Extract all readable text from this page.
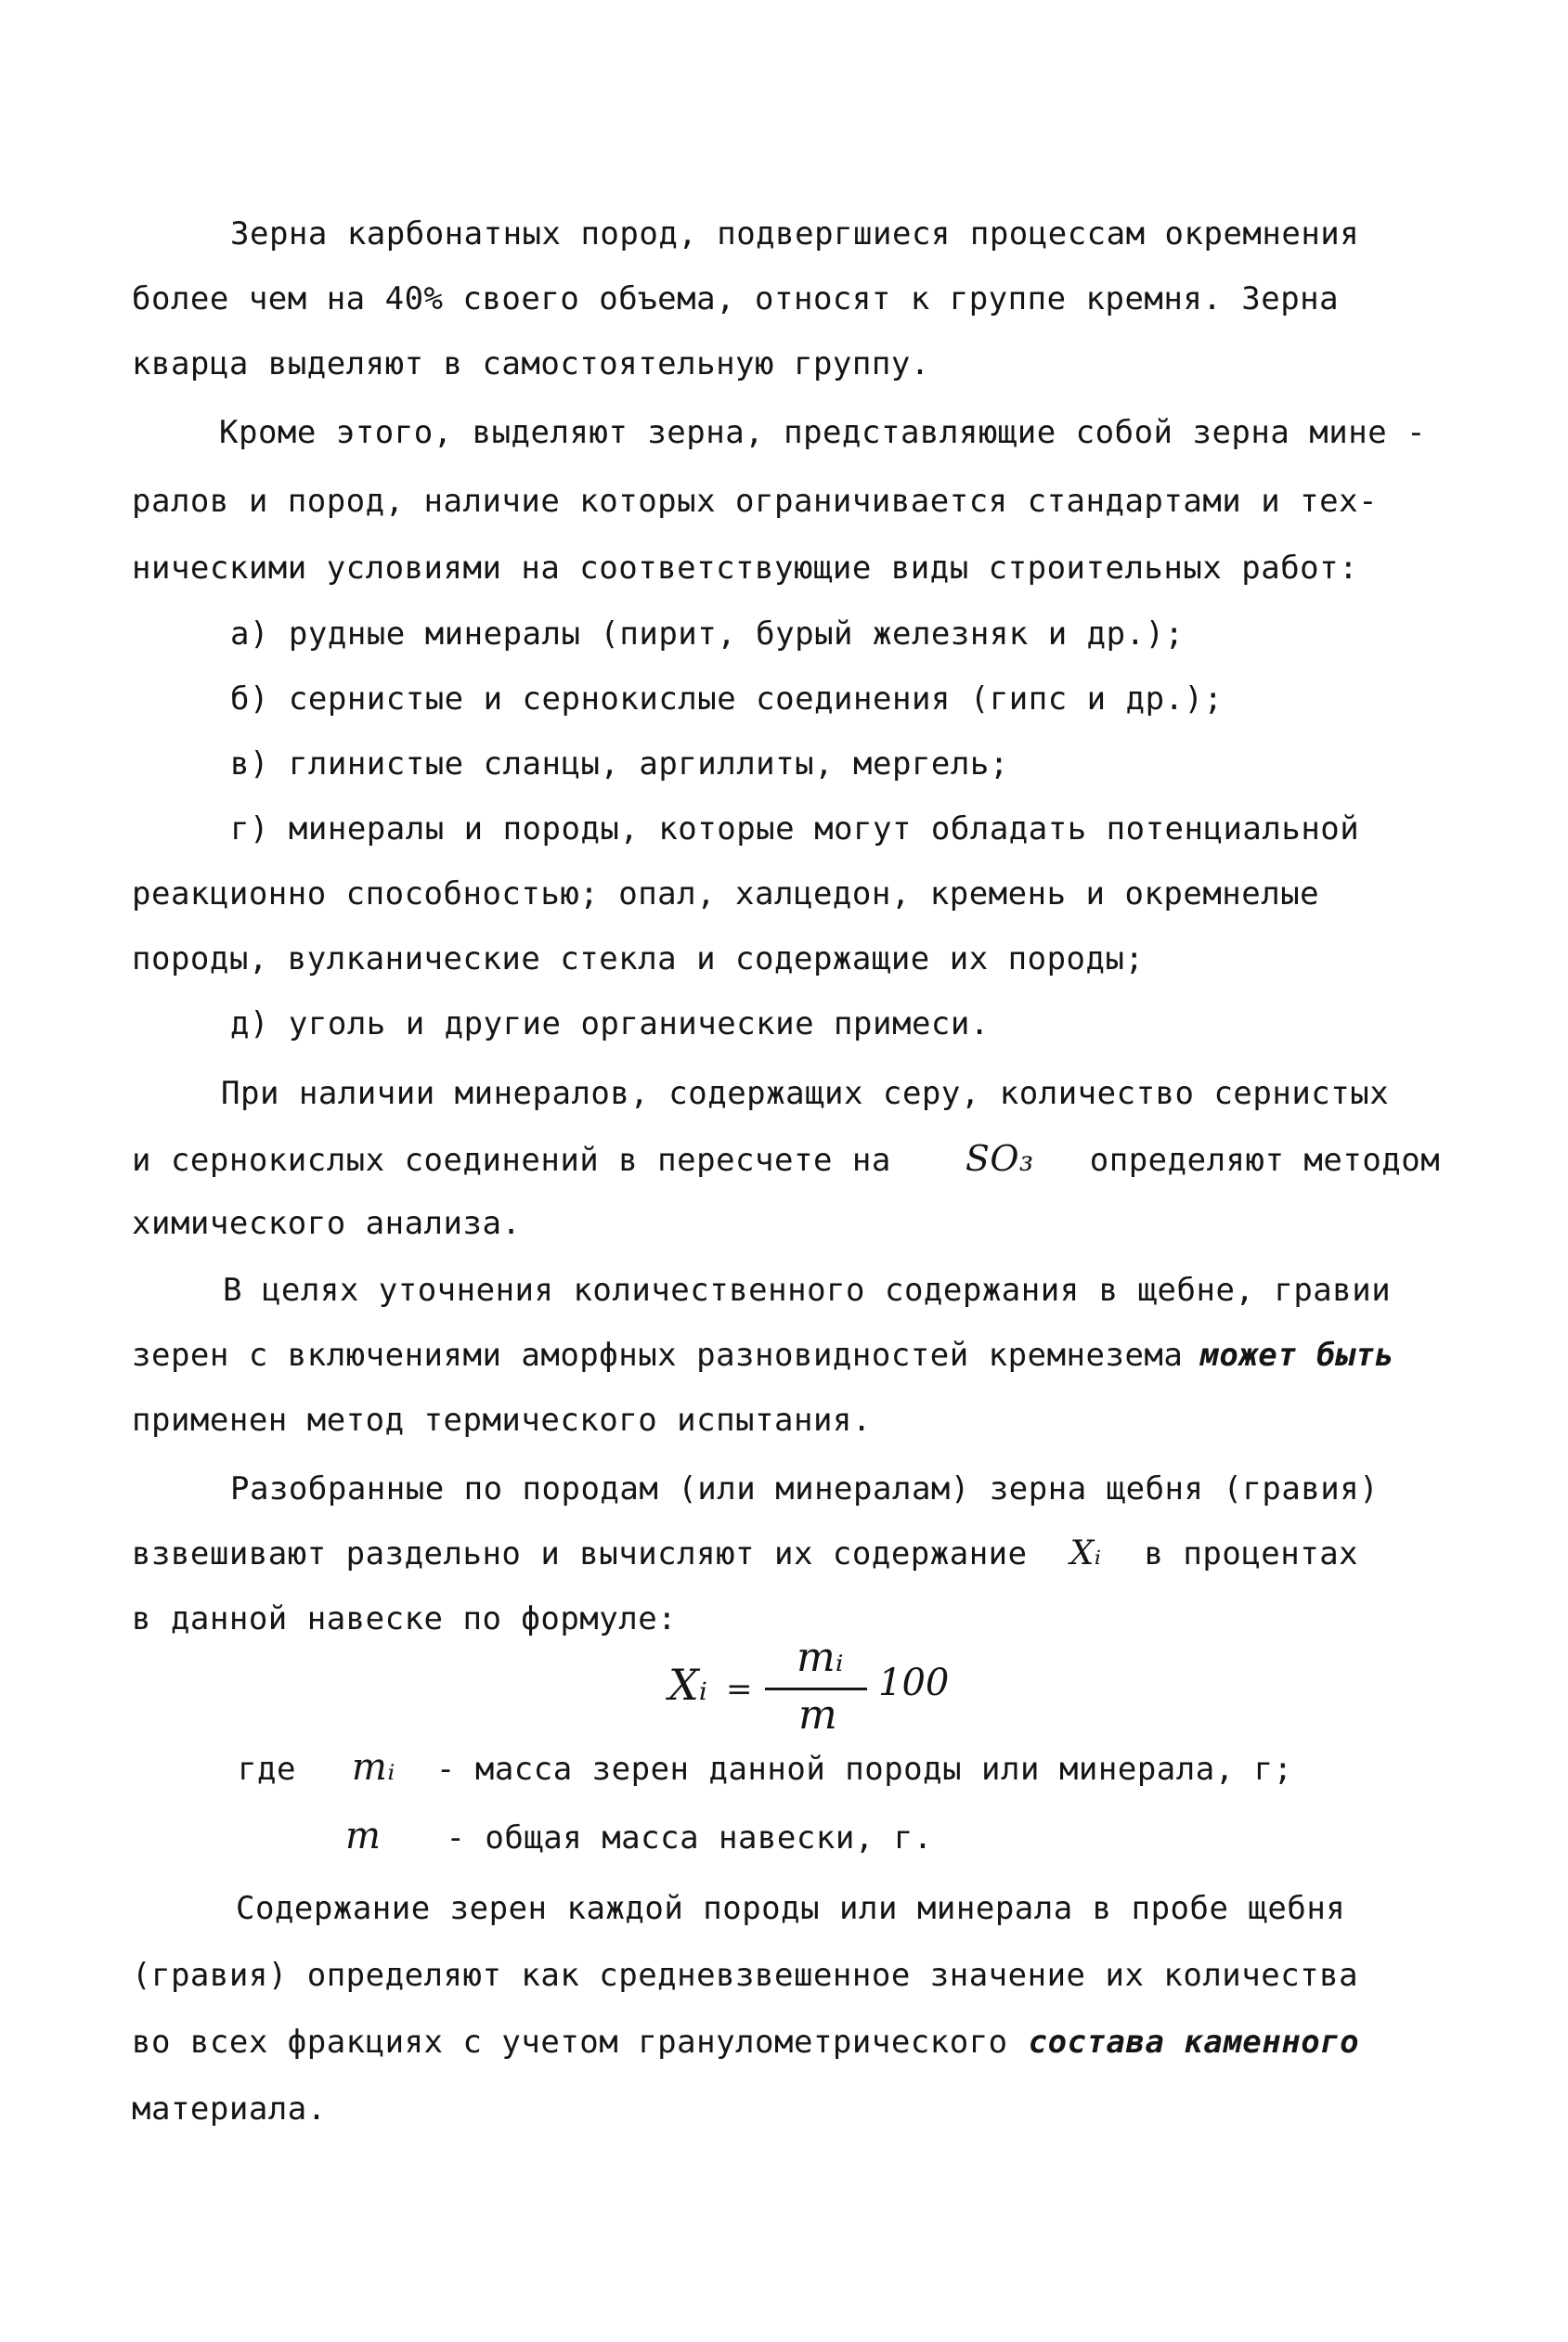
Зерна карбонатных пород, подвергшиеся процессам окремнения
более чем на 40% своего объема, относят к группе кремня. Зерна
кварца выделяют в самостоятельную группу.
Кроме этого, выделяют зерна, представляющие собой зерна мине -
ралов и пород, наличие которых ограничивается стандартами и тех-
ническими условиями на соответствующие виды строительных работ:
а) рудные минералы (пирит, бурый железняк и др.);
б) сернистые и сернокислые соединения (гипс и др.);
в) глинистые сланцы, аргиллиты, мергель;
г) минералы и породы, которые могут обладать потенциальной
реакционно способностью; опал, халцедон, кремень и окремнелые
породы, вулканические стекла и содержащие их породы;
д) уголь и другие органические примеси.
При наличии минералов, содержащих серу, количество сернистых
и сернокислых соединений в пересчете на SO₃ определяют методом
химического анализа.
В целях уточнения количественного содержания в щебне, гравии
зерен с включениями аморфных разновидностей кремнезема может быть
применен метод термического испытания.
Разобранные по породам (или минералам) зерна щебня (гравия)
взвешивают раздельно и вычисляют их содержание Xᵢ в процентах
в данной навеске по формуле:
Xᵢ =
mᵢ
m
100
где mᵢ - масса зерен данной породы или минерала, г;
m - общая масса навески, г.
Содержание зерен каждой породы или минерала в пробе щебня
(гравия) определяют как средневзвешенное значение их количества
во всех фракциях с учетом гранулометрического состава каменного
материала.
